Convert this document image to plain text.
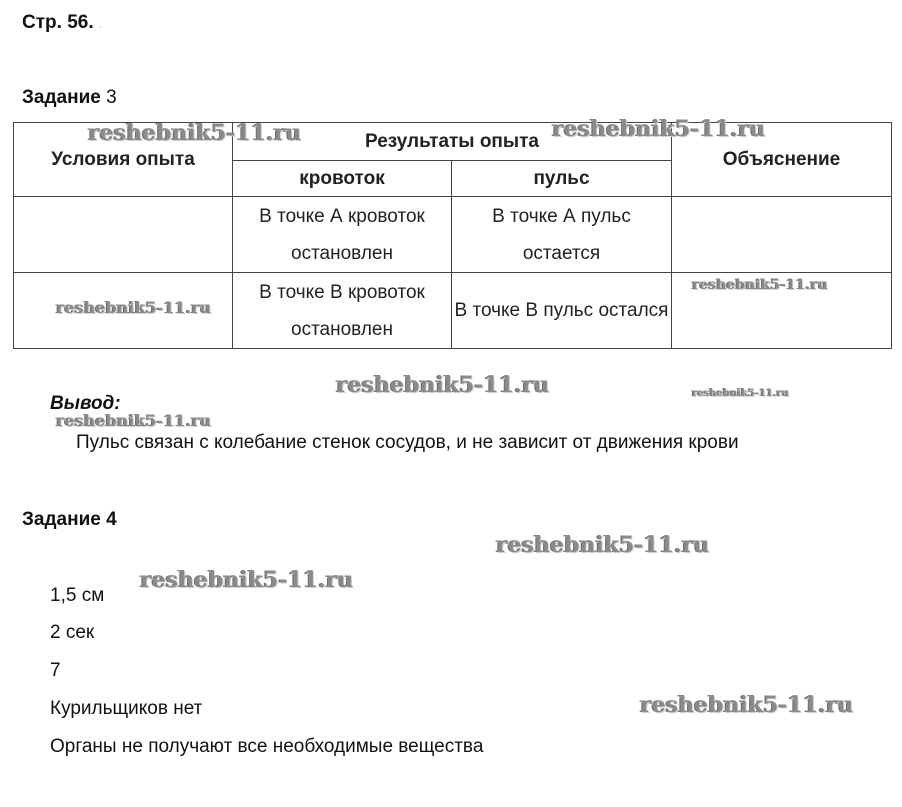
Стр. 56. .
Задание 3
Условия опыта	Результаты опыта		Объяснение
	кровоток	пульс	

	В точке А кровоток остановлен	В точке А пульс остается	

	В точке В кровоток остановлен	В точке В пульс остался	

Вывод:
Пульс связан с колебание стенок сосудов, и не зависит от движения крови
Задание 4
1,5 см
2 сек
7
Курильщиков нет
Органы не получают все необходимые вещества
reshebnik5-11.ru	reshebnik5-11.ru
reshebnik5-11.ru
reshebnik5-11.ru
reshebnik5-11.ru	reshebnik5-11.ru
reshebnik5-11.ru
reshebnik5-11.ru
reshebnik5-11.ru
reshebnik5-11.ru
